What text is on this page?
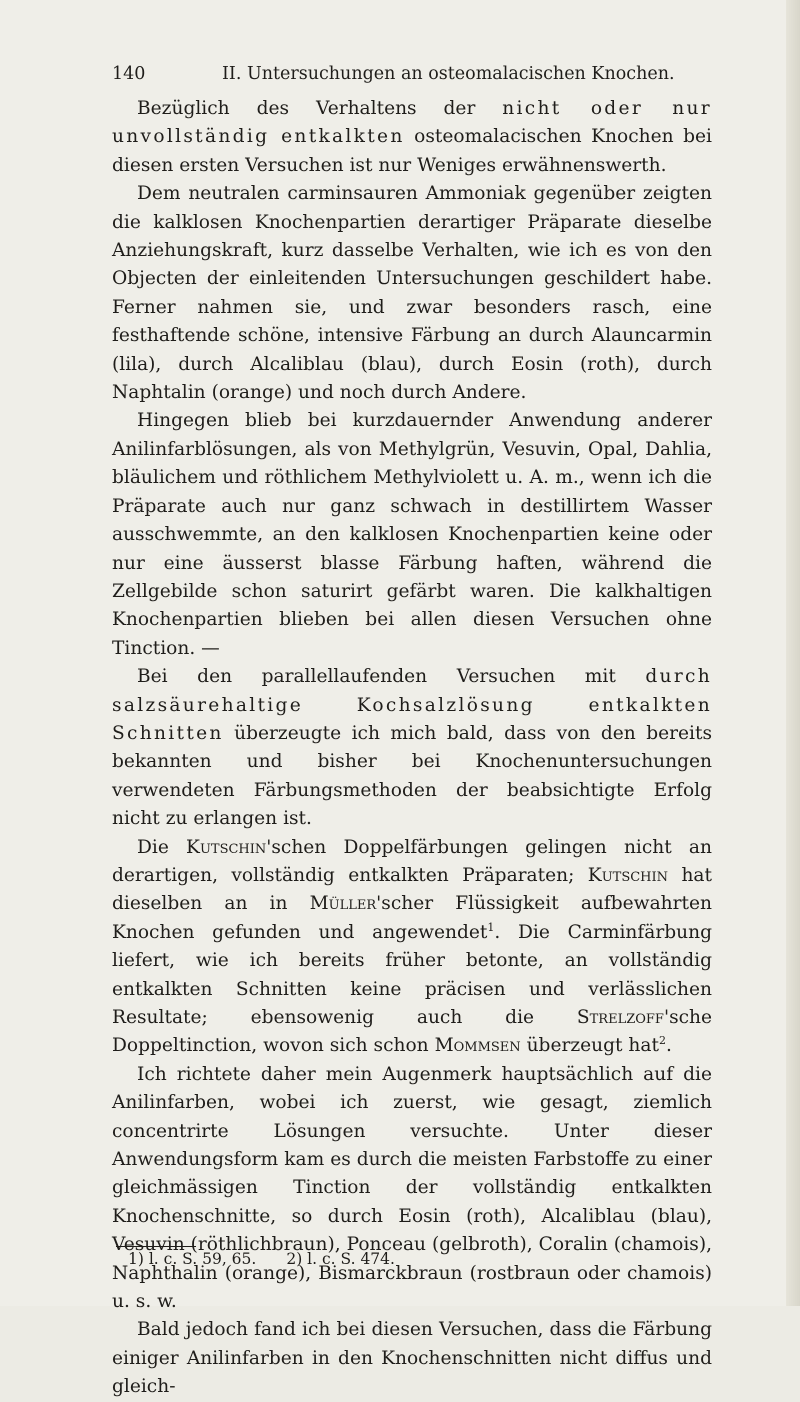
140	II. Untersuchungen an osteomalacischen Knochen.

Bezüglich des Verhaltens der nicht oder nur unvollständig entkalkten osteomalacischen Knochen bei diesen ersten Versuchen ist nur Weniges erwähnenswerth.

Dem neutralen carminsauren Ammoniak gegenüber zeigten die kalklosen Knochenpartien derartiger Präparate dieselbe Anziehungskraft, kurz dasselbe Verhalten, wie ich es von den Objecten der einleitenden Untersuchungen geschildert habe. Ferner nahmen sie, und zwar besonders rasch, eine festhaftende schöne, intensive Färbung an durch Alauncarmin (lila), durch Alcaliblau (blau), durch Eosin (roth), durch Naphtalin (orange) und noch durch Andere.

Hingegen blieb bei kurzdauernder Anwendung anderer Anilinfarblösungen, als von Methylgrün, Vesuvin, Opal, Dahlia, bläulichem und röthlichem Methylviolett u. A. m., wenn ich die Präparate auch nur ganz schwach in destillirtem Wasser ausschwemmte, an den kalklosen Knochenpartien keine oder nur eine äusserst blasse Färbung haften, während die Zellgebilde schon saturirt gefärbt waren. Die kalkhaltigen Knochenpartien blieben bei allen diesen Versuchen ohne Tinction. —

Bei den parallellaufenden Versuchen mit durch salzsäurehaltige Kochsalzlösung entkalkten Schnitten überzeugte ich mich bald, dass von den bereits bekannten und bisher bei Knochenuntersuchungen verwendeten Färbungsmethoden der beabsichtigte Erfolg nicht zu erlangen ist.

Die Kutschin'schen Doppelfärbungen gelingen nicht an derartigen, vollständig entkalkten Präparaten; Kutschin hat dieselben an in Müller'scher Flüssigkeit aufbewahrten Knochen gefunden und angewendet$^1$. Die Carminfärbung liefert, wie ich bereits früher betonte, an vollständig entkalkten Schnitten keine präcisen und verlässlichen Resultate; ebensowenig auch die Strelzoff'sche Doppeltinction, wovon sich schon Mommsen überzeugt hat$^2$.

Ich richtete daher mein Augenmerk hauptsächlich auf die Anilinfarben, wobei ich zuerst, wie gesagt, ziemlich concentrirte Lösungen versuchte. Unter dieser Anwendungsform kam es durch die meisten Farbstoffe zu einer gleichmässigen Tinction der vollständig entkalkten Knochenschnitte, so durch Eosin (roth), Alcaliblau (blau), Vesuvin (röthlichbraun), Ponceau (gelbroth), Coralin (chamois), Naphthalin (orange), Bismarckbraun (rostbraun oder chamois) u. s. w.

Bald jedoch fand ich bei diesen Versuchen, dass die Färbung einiger Anilinfarben in den Knochenschnitten nicht diffus und gleich-

1) l. c. S. 59, 65. 2) l. c. S. 474.
